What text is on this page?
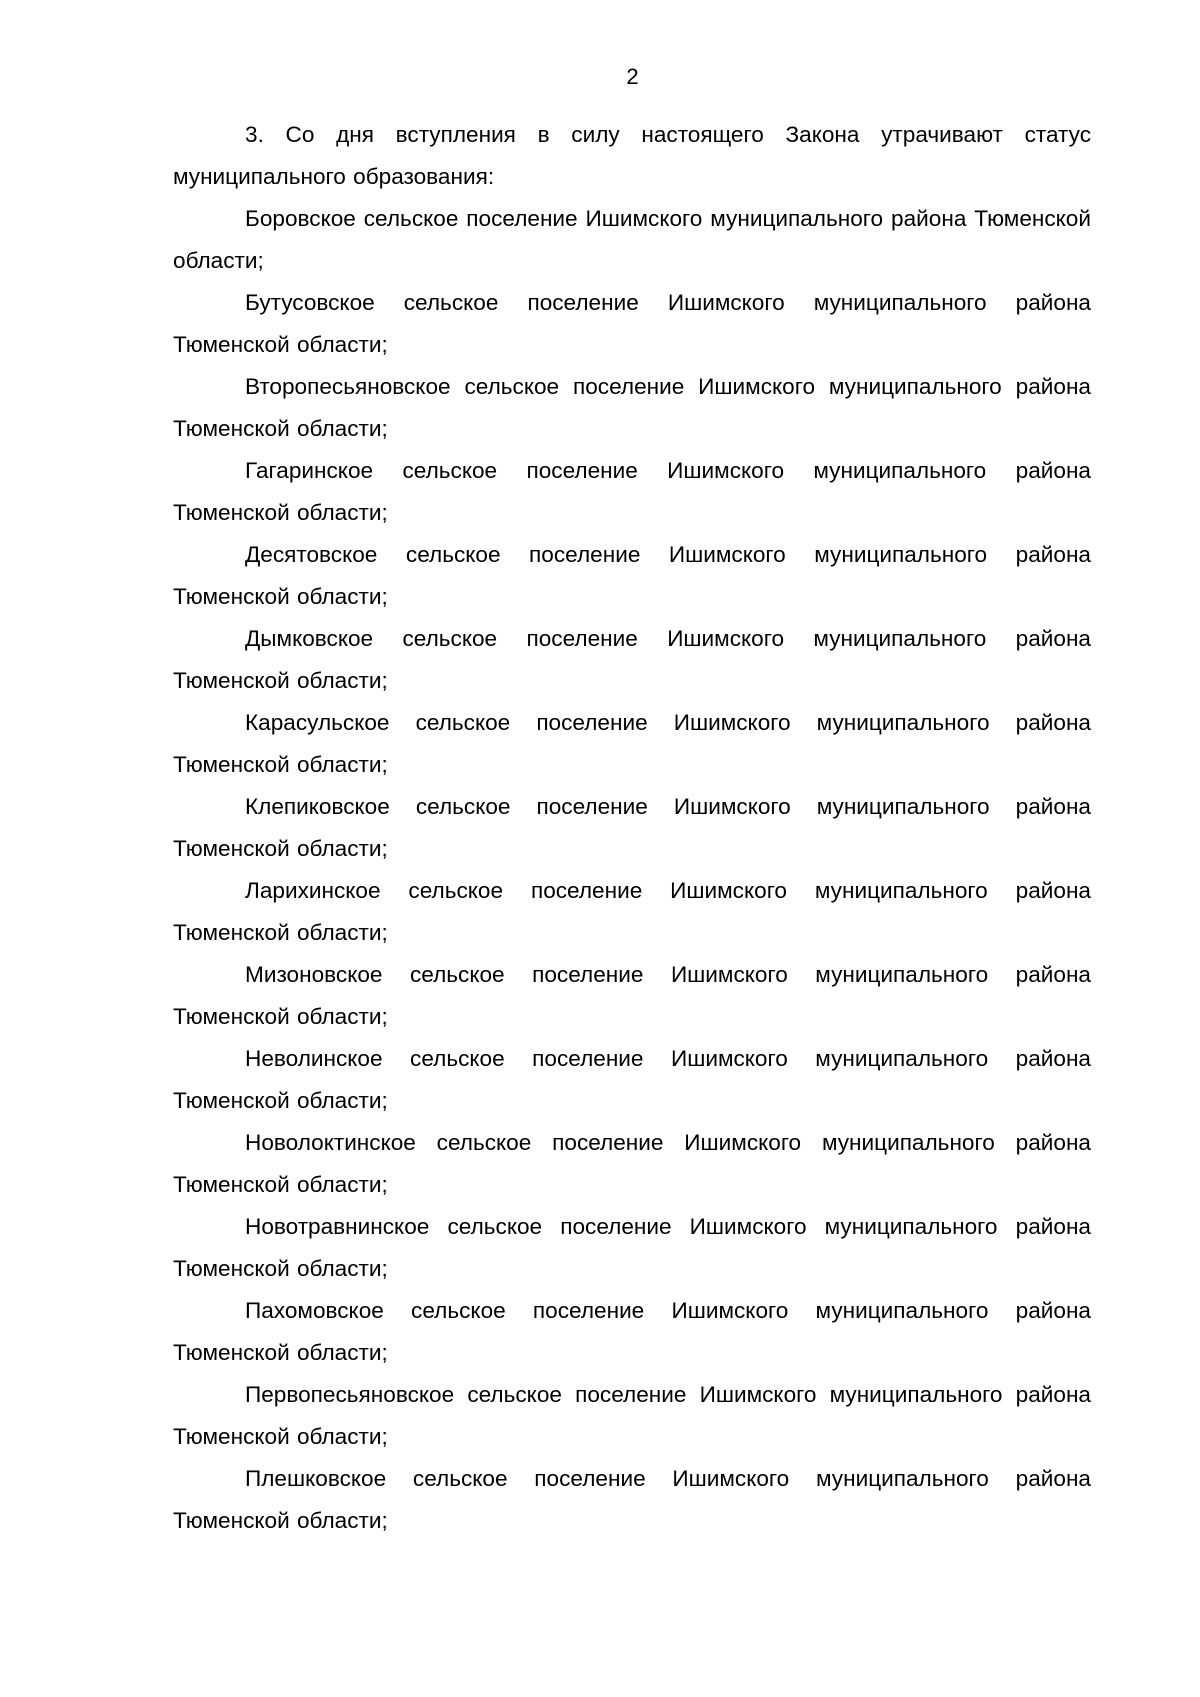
2

3. Со дня вступления в силу настоящего Закона утрачивают статус муниципального образования:

Боровское сельское поселение Ишимского муниципального района Тюменской области;

Бутусовское сельское поселение Ишимского муниципального района Тюменской области;

Второпесьяновское сельское поселение Ишимского муниципального района Тюменской области;

Гагаринское сельское поселение Ишимского муниципального района Тюменской области;

Десятовское сельское поселение Ишимского муниципального района Тюменской области;

Дымковское сельское поселение Ишимского муниципального района Тюменской области;

Карасульское сельское поселение Ишимского муниципального района Тюменской области;

Клепиковское сельское поселение Ишимского муниципального района Тюменской области;

Ларихинское сельское поселение Ишимского муниципального района Тюменской области;

Мизоновское сельское поселение Ишимского муниципального района Тюменской области;

Неволинское сельское поселение Ишимского муниципального района Тюменской области;

Новолоктинское сельское поселение Ишимского муниципального района Тюменской области;

Новотравнинское сельское поселение Ишимского муниципального района Тюменской области;

Пахомовское сельское поселение Ишимского муниципального района Тюменской области;

Первопесьяновское сельское поселение Ишимского муниципального района Тюменской области;

Плешковское сельское поселение Ишимского муниципального района Тюменской области;
